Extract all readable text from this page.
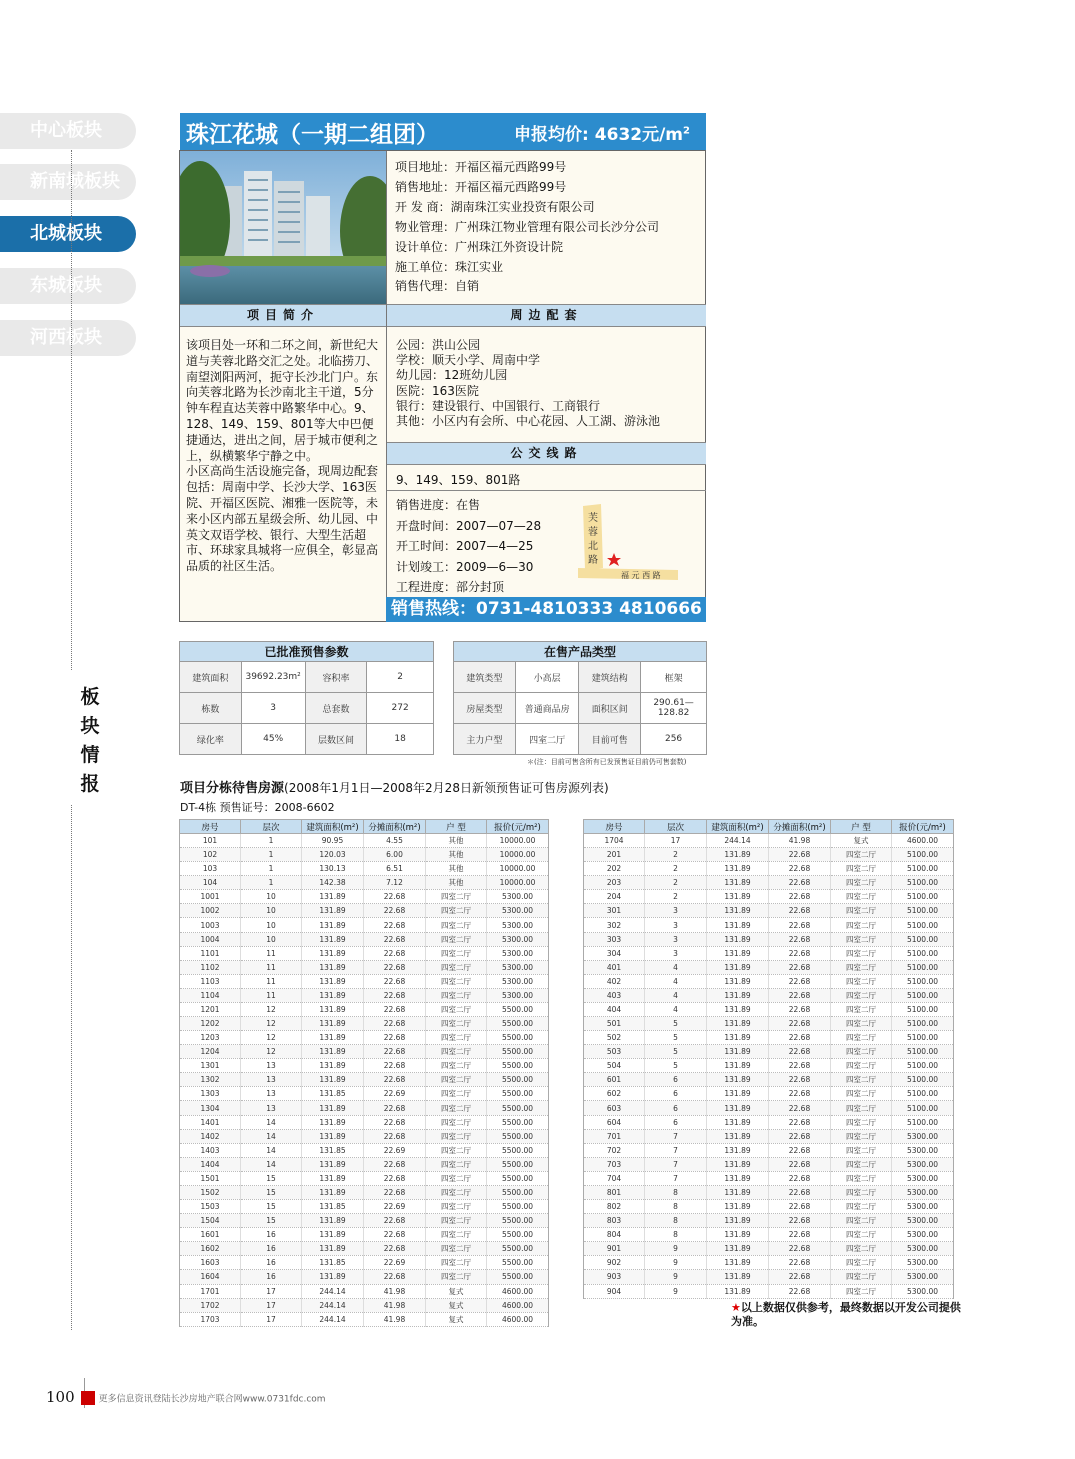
中心板块
新南城板块
北城板块
东城板块
河西板块
板
块
情
报
珠江花城（一期二组团）	申报均价: 4632元$/m^2$
项目地址：开福区福元西路99号
销售地址：开福区福元西路99号
开 发 商：湖南珠江实业投资有限公司
物业管理：广州珠江物业管理有限公司长沙分公司
设计单位：广州珠江外资设计院
施工单位：珠江实业
销售代理：自销
项目简介	周边配套
该项目处一环和二环之间，新世纪大道与芙蓉北路交汇之处。北临捞刀、南望浏阳两河，扼守长沙北门户。东向芙蓉北路为长沙南北主干道，5分钟车程直达芙蓉中路繁华中心。9、128、149、159、801等大中巴便捷通达，进出之间，居于城市便利之上，纵横繁华宁静之中。
小区高尚生活设施完备，现周边配套包括：周南中学、长沙大学、163医院、开福区医院、湘雅一医院等，未来小区内部五星级会所、幼儿园、中英文双语学校、银行、大型生活超市、环球家具城将一应俱全，彰显高品质的社区生活。
公园：洪山公园
学校：顺天小学、周南中学
幼儿园：12班幼儿园
医院：163医院
银行：建设银行、中国银行、工商银行
其他：小区内有会所、中心花园、人工湖、游泳池
公交线路
9、149、159、801路
销售进度：在售
开盘时间：2007—07—28
开工时间：2007—4—25
计划竣工：2009—6—30
工程进度：部分封顶
芙蓉北路
福 元 西 路
销售热线：0731-4810333 4810666
已批准预售参数			
建筑面积	39692.23m²	容积率	2
栋数	3	总套数	272
绿化率	45%	层数区间	18
在售产品类型			
建筑类型	小高层	建筑结构	框架
房屋类型	普通商品房	面积区间	290.61—128.82
主力户型	四室二厅	目前可售	256
＊(注：目前可售含所有已发预售证目前仍可售套数)
项目分栋待售房源(2008年1月1日—2008年2月28日新领预售证可售房源列表)
DT-4栋 预售证号：2008-6602
房号	层次	建筑面积(m²)	分摊面积(m²)	户 型	报价(元/m²)
101	1	90.95	4.55	其他	10000.00
102	1	120.03	6.00	其他	10000.00
103	1	130.13	6.51	其他	10000.00
104	1	142.38	7.12	其他	10000.00
1001	10	131.89	22.68	四室二厅	5300.00
1002	10	131.89	22.68	四室二厅	5300.00
1003	10	131.89	22.68	四室二厅	5300.00
1004	10	131.89	22.68	四室二厅	5300.00
1101	11	131.89	22.68	四室二厅	5300.00
1102	11	131.89	22.68	四室二厅	5300.00
1103	11	131.89	22.68	四室二厅	5300.00
1104	11	131.89	22.68	四室二厅	5300.00
1201	12	131.89	22.68	四室二厅	5500.00
1202	12	131.89	22.68	四室二厅	5500.00
1203	12	131.89	22.68	四室二厅	5500.00
1204	12	131.89	22.68	四室二厅	5500.00
1301	13	131.89	22.68	四室二厅	5500.00
1302	13	131.89	22.68	四室二厅	5500.00
1303	13	131.85	22.69	四室二厅	5500.00
1304	13	131.89	22.68	四室二厅	5500.00
1401	14	131.89	22.68	四室二厅	5500.00
1402	14	131.89	22.68	四室二厅	5500.00
1403	14	131.85	22.69	四室二厅	5500.00
1404	14	131.89	22.68	四室二厅	5500.00
1501	15	131.89	22.68	四室二厅	5500.00
1502	15	131.89	22.68	四室二厅	5500.00
1503	15	131.85	22.69	四室二厅	5500.00
1504	15	131.89	22.68	四室二厅	5500.00
1601	16	131.89	22.68	四室二厅	5500.00
1602	16	131.89	22.68	四室二厅	5500.00
1603	16	131.85	22.69	四室二厅	5500.00
1604	16	131.89	22.68	四室二厅	5500.00
1701	17	244.14	41.98	复式	4600.00
1702	17	244.14	41.98	复式	4600.00
1703	17	244.14	41.98	复式	4600.00
房号	层次	建筑面积(m²)	分摊面积(m²)	户 型	报价(元/m²)
1704	17	244.14	41.98	复式	4600.00
201	2	131.89	22.68	四室二厅	5100.00
202	2	131.89	22.68	四室二厅	5100.00
203	2	131.89	22.68	四室二厅	5100.00
204	2	131.89	22.68	四室二厅	5100.00
301	3	131.89	22.68	四室二厅	5100.00
302	3	131.89	22.68	四室二厅	5100.00
303	3	131.89	22.68	四室二厅	5100.00
304	3	131.89	22.68	四室二厅	5100.00
401	4	131.89	22.68	四室二厅	5100.00
402	4	131.89	22.68	四室二厅	5100.00
403	4	131.89	22.68	四室二厅	5100.00
404	4	131.89	22.68	四室二厅	5100.00
501	5	131.89	22.68	四室二厅	5100.00
502	5	131.89	22.68	四室二厅	5100.00
503	5	131.89	22.68	四室二厅	5100.00
504	5	131.89	22.68	四室二厅	5100.00
601	6	131.89	22.68	四室二厅	5100.00
602	6	131.89	22.68	四室二厅	5100.00
603	6	131.89	22.68	四室二厅	5100.00
604	6	131.89	22.68	四室二厅	5100.00
701	7	131.89	22.68	四室二厅	5300.00
702	7	131.89	22.68	四室二厅	5300.00
703	7	131.89	22.68	四室二厅	5300.00
704	7	131.89	22.68	四室二厅	5300.00
801	8	131.89	22.68	四室二厅	5300.00
802	8	131.89	22.68	四室二厅	5300.00
803	8	131.89	22.68	四室二厅	5300.00
804	8	131.89	22.68	四室二厅	5300.00
901	9	131.89	22.68	四室二厅	5300.00
902	9	131.89	22.68	四室二厅	5300.00
903	9	131.89	22.68	四室二厅	5300.00
904	9	131.89	22.68	四室二厅	5300.00
★以上数据仅供参考，最终数据以开发公司提供为准。
100	更多信息资讯登陆长沙房地产联合网www.0731fdc.com
